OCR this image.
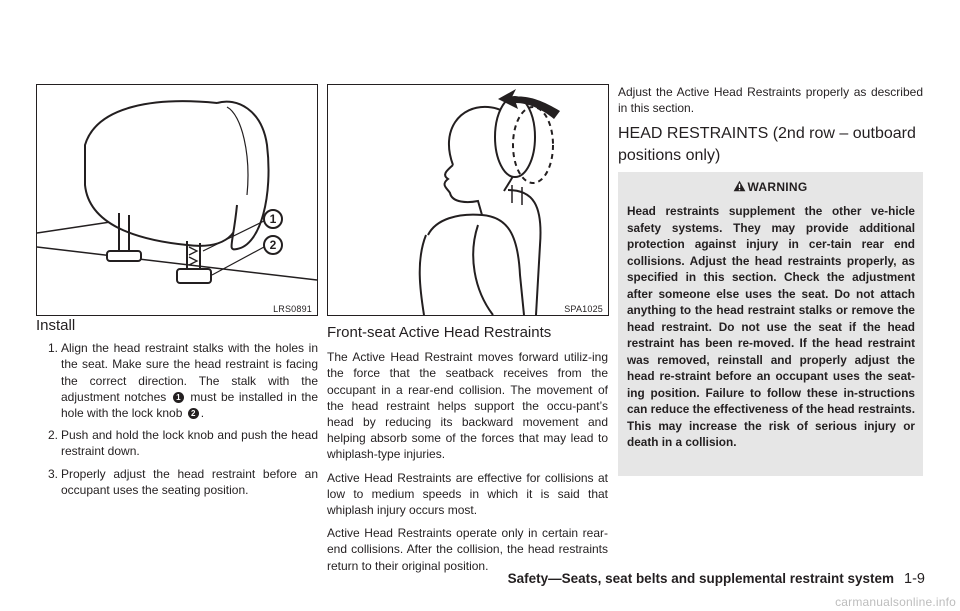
1
2
LRS0891	SPA1025
Install
1. Align the head restraint stalks with the holes in the seat. Make sure the head restraint is facing the correct direction. The stalk with the adjustment notches 1 must be installed in the hole with the lock knob 2 .
2. Push and hold the lock knob and push the head restraint down.
3. Properly adjust the head restraint before an occupant uses the seating position.
Front-seat Active Head Restraints

The Active Head Restraint moves forward utiliz-ing the force that the seatback receives from the occupant in a rear-end collision. The movement of the head restraint helps support the occu-pant’s head by reducing its backward movement and helping absorb some of the forces that may lead to whiplash-type injuries.

Active Head Restraints are effective for collisions at low to medium speeds in which it is said that whiplash injury occurs most.

Active Head Restraints operate only in certain rear-end collisions. After the collision, the head restraints return to their original position.

Adjust the Active Head Restraints properly as described in this section.

HEAD RESTRAINTS (2nd row – outboard positions only)
WARNING
Head restraints supplement the other ve-hicle safety systems. They may provide additional protection against injury in cer-tain rear end collisions. Adjust the head restraints properly, as specified in this section. Check the adjustment after someone else uses the seat. Do not attach anything to the head restraint stalks or remove the head restraint. Do not use the seat if the head restraint has been re-moved. If the head restraint was removed, reinstall and properly adjust the head re-straint before an occupant uses the seat-ing position. Failure to follow these in-structions can reduce the effectiveness of the head restraints. This may increase the risk of serious injury or death in a collision.
Safety—Seats, seat belts and supplemental restraint system 1-9
carmanualsonline.info
